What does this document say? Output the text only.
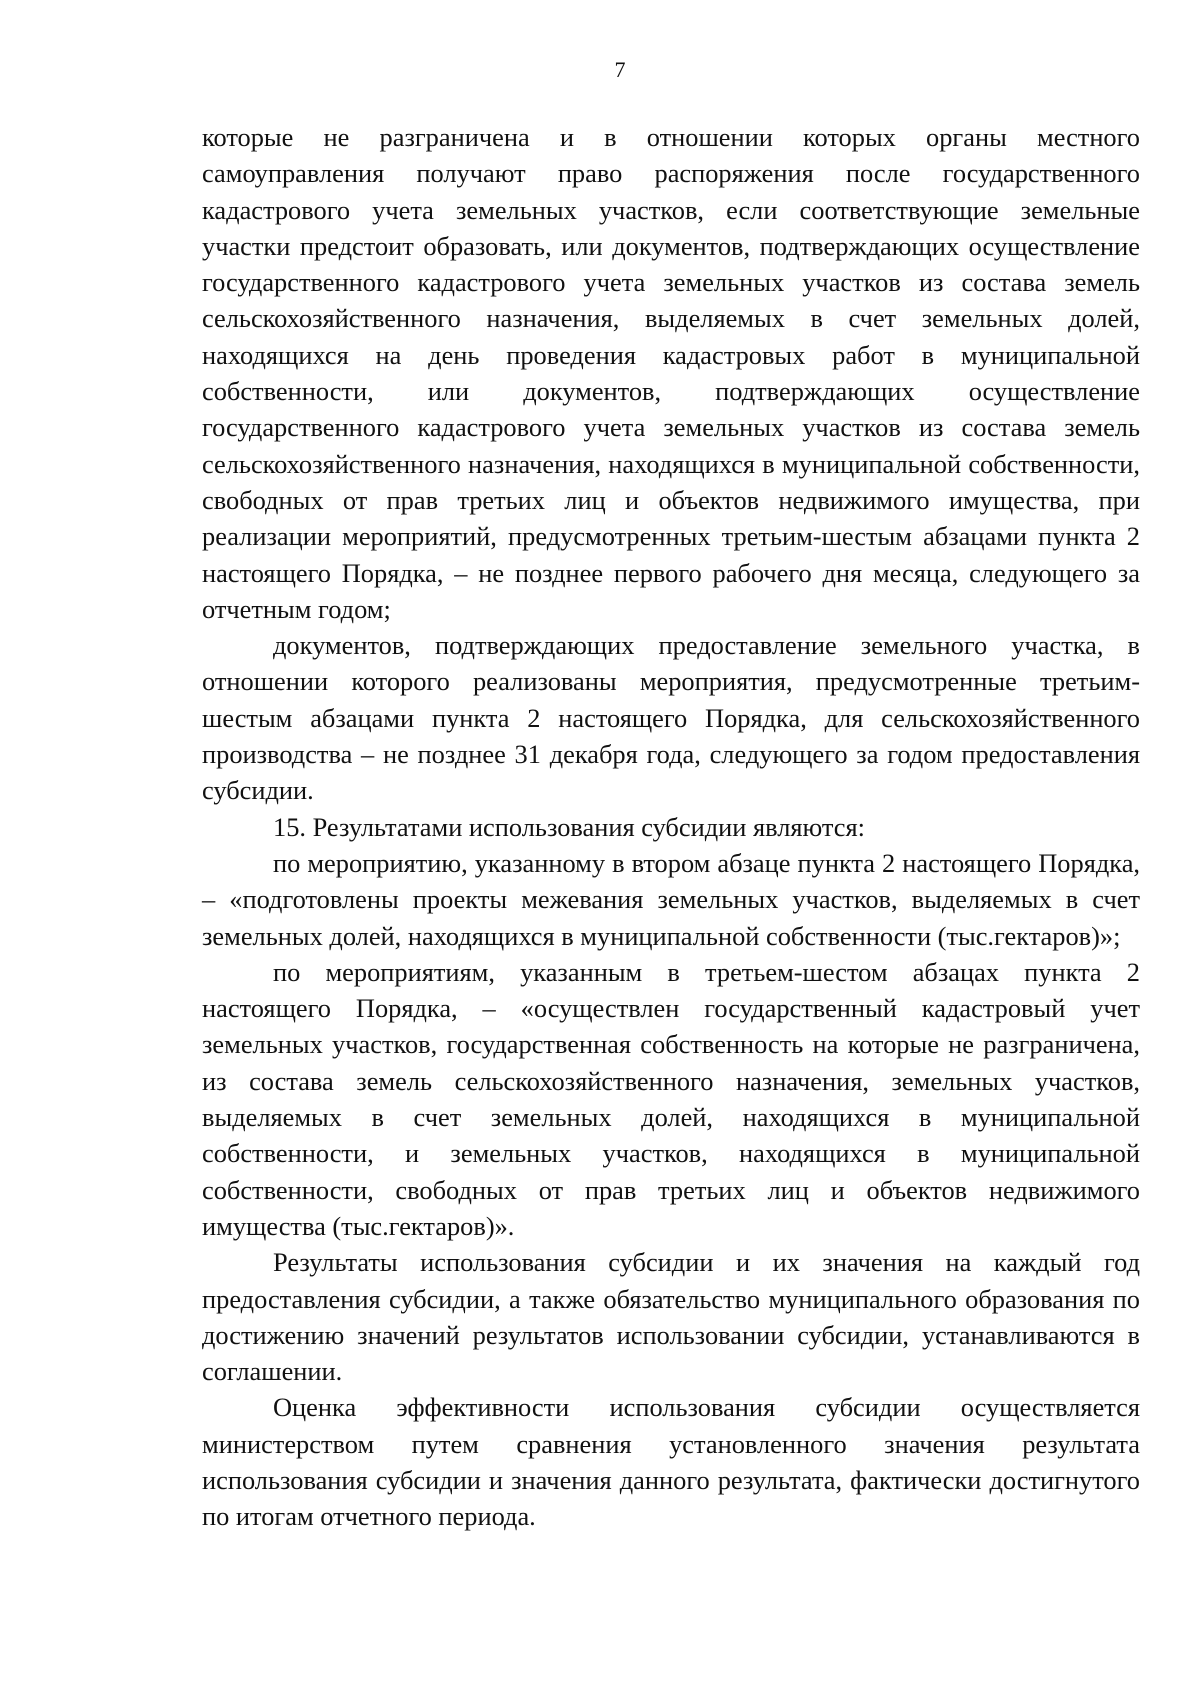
7

которые не разграничена и в отношении которых органы местного самоуправления получают право распоряжения после государственного кадастрового учета земельных участков, если соответствующие земельные участки предстоит образовать, или документов, подтверждающих осуществление государственного кадастрового учета земельных участков из состава земель сельскохозяйственного назначения, выделяемых в счет земельных долей, находящихся на день проведения кадастровых работ в муниципальной собственности, или документов, подтверждающих осуществление государственного кадастрового учета земельных участков из состава земель сельскохозяйственного назначения, находящихся в муниципальной собственности, свободных от прав третьих лиц и объектов недвижимого имущества, при реализации мероприятий, предусмотренных третьим-шестым абзацами пункта 2 настоящего Порядка, – не позднее первого рабочего дня месяца, следующего за отчетным годом;

документов, подтверждающих предоставление земельного участка, в отношении которого реализованы мероприятия, предусмотренные третьим-шестым абзацами пункта 2 настоящего Порядка, для сельскохозяйственного производства – не позднее 31 декабря года, следующего за годом предоставления субсидии.

15. Результатами использования субсидии являются:

по мероприятию, указанному в втором абзаце пункта 2 настоящего Порядка, – «подготовлены проекты межевания земельных участков, выделяемых в счет земельных долей, находящихся в муниципальной собственности (тыс.гектаров)»;

по мероприятиям, указанным в третьем-шестом абзацах пункта 2 настоящего Порядка, – «осуществлен государственный кадастровый учет земельных участков, государственная собственность на которые не разграничена, из состава земель сельскохозяйственного назначения, земельных участков, выделяемых в счет земельных долей, находящихся в муниципальной собственности, и земельных участков, находящихся в муниципальной собственности, свободных от прав третьих лиц и объектов недвижимого имущества (тыс.гектаров)».

Результаты использования субсидии и их значения на каждый год предоставления субсидии, а также обязательство муниципального образования по достижению значений результатов использовании субсидии, устанавливаются в соглашении.

Оценка эффективности использования субсидии осуществляется министерством путем сравнения установленного значения результата использования субсидии и значения данного результата, фактически достигнутого по итогам отчетного периода.
